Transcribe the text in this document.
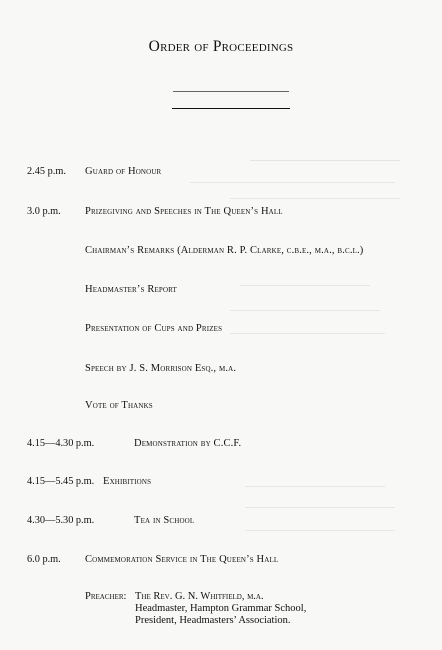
Order of Proceedings
2.45 p.m. Guard of Honour
3.0 p.m. Prizegiving and Speeches in The Queen’s Hall
Chairman’s Remarks (Alderman R. P. Clarke, c.b.e., m.a., b.c.l.)
Headmaster’s Report
Presentation of Cups and Prizes
Speech by J. S. Morrison Esq., m.a.
Vote of Thanks
4.15—4.30 p.m.	Demonstration by C.C.F.
4.15—5.45 p.m. Exhibitions
4.30—5.30 p.m.	Tea in School
6.0 p.m. Commemoration Service in The Queen’s Hall
Preacher: The Rev. G. N. Whitfield, m.a.
Headmaster, Hampton Grammar School,
President, Headmasters’ Association.
